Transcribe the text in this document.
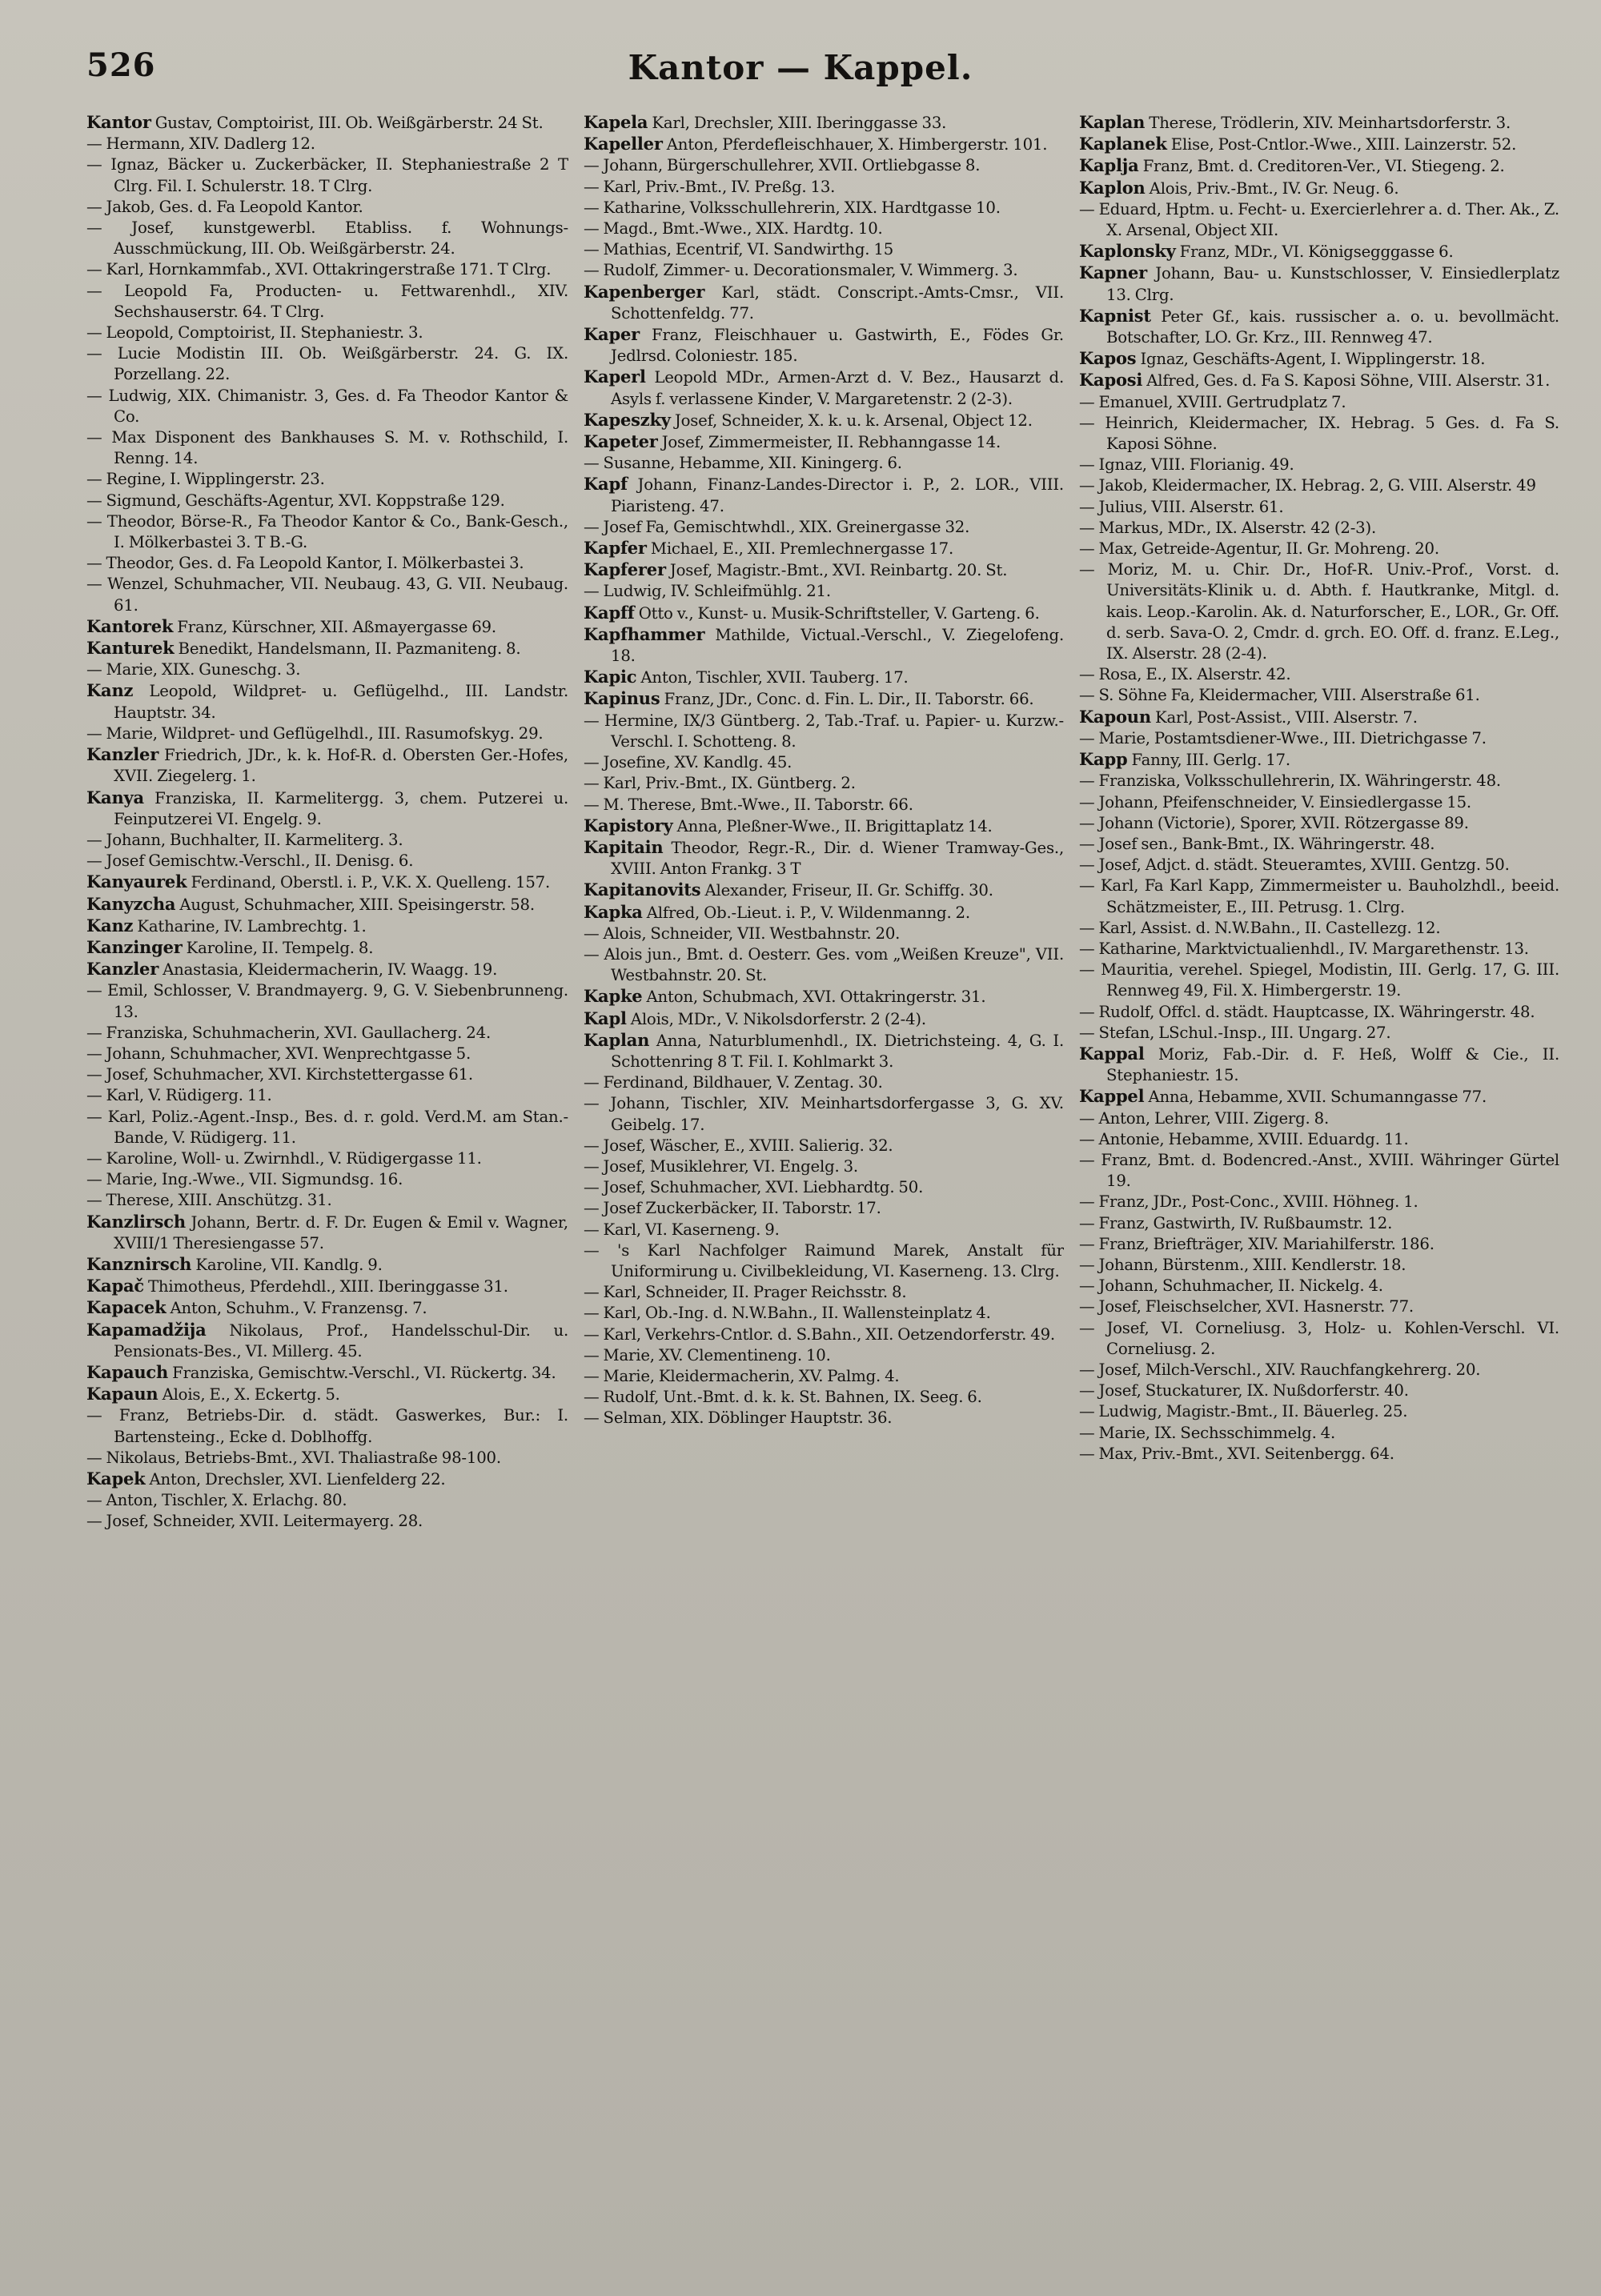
526	Kantor — Kappel.
Kantor Gustav, Comptoirist, III. Ob. Weißgärberstr. 24 St.
— Hermann, XIV. Dadlerg 12.
— Ignaz, Bäcker u. Zuckerbäcker, II. Stephaniestraße 2 T Clrg. Fil. I. Schulerstr. 18. T Clrg.
— Jakob, Ges. d. Fa Leopold Kantor.
— Josef, kunstgewerbl. Etabliss. f. Wohnungs-Ausschmückung, III. Ob. Weißgärberstr. 24.
— Karl, Hornkammfab., XVI. Ottakringerstraße 171. T Clrg.
— Leopold Fa, Producten- u. Fettwarenhdl., XIV. Sechshauserstr. 64. T Clrg.
— Leopold, Comptoirist, II. Stephaniestr. 3.
— Lucie Modistin III. Ob. Weißgärberstr. 24. G. IX. Porzellang. 22.
— Ludwig, XIX. Chimanistr. 3, Ges. d. Fa Theodor Kantor & Co.
— Max Disponent des Bankhauses S. M. v. Rothschild, I. Renng. 14.
— Regine, I. Wipplingerstr. 23.
— Sigmund, Geschäfts-Agentur, XVI. Koppstraße 129.
— Theodor, Börse-R., Fa Theodor Kantor & Co., Bank-Gesch., I. Mölkerbastei 3. T B.-G.
— Theodor, Ges. d. Fa Leopold Kantor, I. Mölkerbastei 3.
— Wenzel, Schuhmacher, VII. Neubaug. 43, G. VII. Neubaug. 61.
Kantorek Franz, Kürschner, XII. Aßmayergasse 69.
Kanturek Benedikt, Handelsmann, II. Pazmaniteng. 8.
— Marie, XIX. Guneschg. 3.
Kanz Leopold, Wildpret- u. Geflügelhd., III. Landstr. Hauptstr. 34.
— Marie, Wildpret- und Geflügelhdl., III. Rasumofskyg. 29.
Kanzler Friedrich, JDr., k. k. Hof-R. d. Obersten Ger.-Hofes, XVII. Ziegelerg. 1.
Kanya Franziska, II. Karmelitergg. 3, chem. Putzerei u. Feinputzerei VI. Engelg. 9.
— Johann, Buchhalter, II. Karmeliterg. 3.
— Josef Gemischtw.-Verschl., II. Denisg. 6.
Kanyaurek Ferdinand, Oberstl. i. P., V.K. X. Quelleng. 157.
Kanyzcha August, Schuhmacher, XIII. Speisingerstr. 58.
Kanz Katharine, IV. Lambrechtg. 1.
Kanzinger Karoline, II. Tempelg. 8.
Kanzler Anastasia, Kleidermacherin, IV. Waagg. 19.
— Emil, Schlosser, V. Brandmayerg. 9, G. V. Siebenbrunneng. 13.
— Franziska, Schuhmacherin, XVI. Gaullacherg. 24.
— Johann, Schuhmacher, XVI. Wenprechtgasse 5.
— Josef, Schuhmacher, XVI. Kirchstettergasse 61.
— Karl, V. Rüdigerg. 11.
— Karl, Poliz.-Agent.-Insp., Bes. d. r. gold. Verd.M. am Stan.-Bande, V. Rüdigerg. 11.
— Karoline, Woll- u. Zwirnhdl., V. Rüdigergasse 11.
— Marie, Ing.-Wwe., VII. Sigmundsg. 16.
— Therese, XIII. Anschützg. 31.
Kanzlirsch Johann, Bertr. d. F. Dr. Eugen & Emil v. Wagner, XVIII/1 Theresiengasse 57.
Kanznirsch Karoline, VII. Kandlg. 9.
Kapač Thimotheus, Pferdehdl., XIII. Iberinggasse 31.
Kapacek Anton, Schuhm., V. Franzensg. 7.
Kapamadžija Nikolaus, Prof., Handelsschul-Dir. u. Pensionats-Bes., VI. Millerg. 45.
Kapauch Franziska, Gemischtw.-Verschl., VI. Rückertg. 34.
Kapaun Alois, E., X. Eckertg. 5.
— Franz, Betriebs-Dir. d. städt. Gaswerkes, Bur.: I. Bartensteing., Ecke d. Doblhoffg.
— Nikolaus, Betriebs-Bmt., XVI. Thaliastraße 98-100.
Kapek Anton, Drechsler, XVI. Lienfelderg 22.
— Anton, Tischler, X. Erlachg. 80.
— Josef, Schneider, XVII. Leitermayerg. 28.
Kapela Karl, Drechsler, XIII. Iberinggasse 33.
Kapeller Anton, Pferdefleischhauer, X. Himbergerstr. 101.
— Johann, Bürgerschullehrer, XVII. Ortliebgasse 8.
— Karl, Priv.-Bmt., IV. Preßg. 13.
— Katharine, Volksschullehrerin, XIX. Hardtgasse 10.
— Magd., Bmt.-Wwe., XIX. Hardtg. 10.
— Mathias, Ecentrif, VI. Sandwirthg. 15
— Rudolf, Zimmer- u. Decorationsmaler, V. Wimmerg. 3.
Kapenberger Karl, städt. Conscript.-Amts-Cmsr., VII. Schottenfeldg. 77.
Kaper Franz, Fleischhauer u. Gastwirth, E., Födes Gr. Jedlrsd. Coloniestr. 185.
Kaperl Leopold MDr., Armen-Arzt d. V. Bez., Hausarzt d. Asyls f. verlassene Kinder, V. Margaretenstr. 2 (2-3).
Kapeszky Josef, Schneider, X. k. u. k. Arsenal, Object 12.
Kapeter Josef, Zimmermeister, II. Rebhanngasse 14.
— Susanne, Hebamme, XII. Kiningerg. 6.
Kapf Johann, Finanz-Landes-Director i. P., 2. LOR., VIII. Piaristeng. 47.
— Josef Fa, Gemischtwhdl., XIX. Greinergasse 32.
Kapfer Michael, E., XII. Premlechnergasse 17.
Kapferer Josef, Magistr.-Bmt., XVI. Reinbartg. 20. St.
— Ludwig, IV. Schleifmühlg. 21.
Kapff Otto v., Kunst- u. Musik-Schriftsteller, V. Garteng. 6.
Kapfhammer Mathilde, Victual.-Verschl., V. Ziegelofeng. 18.
Kapic Anton, Tischler, XVII. Tauberg. 17.
Kapinus Franz, JDr., Conc. d. Fin. L. Dir., II. Taborstr. 66.
— Hermine, IX/3 Güntberg. 2, Tab.-Traf. u. Papier- u. Kurzw.-Verschl. I. Schotteng. 8.
— Josefine, XV. Kandlg. 45.
— Karl, Priv.-Bmt., IX. Güntberg. 2.
— M. Therese, Bmt.-Wwe., II. Taborstr. 66.
Kapistory Anna, Pleßner-Wwe., II. Brigittaplatz 14.
Kapitain Theodor, Regr.-R., Dir. d. Wiener Tramway-Ges., XVIII. Anton Frankg. 3 T
Kapitanovits Alexander, Friseur, II. Gr. Schiffg. 30.
Kapka Alfred, Ob.-Lieut. i. P., V. Wildenmanng. 2.
— Alois, Schneider, VII. Westbahnstr. 20.
— Alois jun., Bmt. d. Oesterr. Ges. vom „Weißen Kreuze", VII. Westbahnstr. 20. St.
Kapke Anton, Schubmach, XVI. Ottakringerstr. 31.
Kapl Alois, MDr., V. Nikolsdorferstr. 2 (2-4).
Kaplan Anna, Naturblumenhdl., IX. Dietrichsteing. 4, G. I. Schottenring 8 T. Fil. I. Kohlmarkt 3.
— Ferdinand, Bildhauer, V. Zentag. 30.
— Johann, Tischler, XIV. Meinhartsdorfergasse 3, G. XV. Geibelg. 17.
— Josef, Wäscher, E., XVIII. Salierig. 32.
— Josef, Musiklehrer, VI. Engelg. 3.
— Josef, Schuhmacher, XVI. Liebhardtg. 50.
— Josef Zuckerbäcker, II. Taborstr. 17.
— Karl, VI. Kaserneng. 9.
— 's Karl Nachfolger Raimund Marek, Anstalt für Uniformirung u. Civilbekleidung, VI. Kaserneng. 13. Clrg.
— Karl, Schneider, II. Prager Reichsstr. 8.
— Karl, Ob.-Ing. d. N.W.Bahn., II. Wallensteinplatz 4.
— Karl, Verkehrs-Cntlor. d. S.Bahn., XII. Oetzendorferstr. 49.
— Marie, XV. Clementineng. 10.
— Marie, Kleidermacherin, XV. Palmg. 4.
— Rudolf, Unt.-Bmt. d. k. k. St. Bahnen, IX. Seeg. 6.
— Selman, XIX. Döblinger Hauptstr. 36.
Kaplan Therese, Trödlerin, XIV. Meinhartsdorferstr. 3.
Kaplanek Elise, Post-Cntlor.-Wwe., XIII. Lainzerstr. 52.
Kaplja Franz, Bmt. d. Creditoren-Ver., VI. Stiegeng. 2.
Kaplon Alois, Priv.-Bmt., IV. Gr. Neug. 6.
— Eduard, Hptm. u. Fecht- u. Exercierlehrer a. d. Ther. Ak., Z. X. Arsenal, Object XII.
Kaplonsky Franz, MDr., VI. Königsegggasse 6.
Kapner Johann, Bau- u. Kunstschlosser, V. Einsiedlerplatz 13. Clrg.
Kapnist Peter Gf., kais. russischer a. o. u. bevollmächt. Botschafter, LO. Gr. Krz., III. Rennweg 47.
Kapos Ignaz, Geschäfts-Agent, I. Wipplingerstr. 18.
Kaposi Alfred, Ges. d. Fa S. Kaposi Söhne, VIII. Alserstr. 31.
— Emanuel, XVIII. Gertrudplatz 7.
— Heinrich, Kleidermacher, IX. Hebrag. 5 Ges. d. Fa S. Kaposi Söhne.
— Ignaz, VIII. Florianig. 49.
— Jakob, Kleidermacher, IX. Hebrag. 2, G. VIII. Alserstr. 49
— Julius, VIII. Alserstr. 61.
— Markus, MDr., IX. Alserstr. 42 (2-3).
— Max, Getreide-Agentur, II. Gr. Mohreng. 20.
— Moriz, M. u. Chir. Dr., Hof-R. Univ.-Prof., Vorst. d. Universitäts-Klinik u. d. Abth. f. Hautkranke, Mitgl. d. kais. Leop.-Karolin. Ak. d. Naturforscher, E., LOR., Gr. Off. d. serb. Sava-O. 2, Cmdr. d. grch. EO. Off. d. franz. E.Leg., IX. Alserstr. 28 (2-4).
— Rosa, E., IX. Alserstr. 42.
— S. Söhne Fa, Kleidermacher, VIII. Alserstraße 61.
Kapoun Karl, Post-Assist., VIII. Alserstr. 7.
— Marie, Postamtsdiener-Wwe., III. Dietrichgasse 7.
Kapp Fanny, III. Gerlg. 17.
— Franziska, Volksschullehrerin, IX. Währingerstr. 48.
— Johann, Pfeifenschneider, V. Einsiedlergasse 15.
— Johann (Victorie), Sporer, XVII. Rötzergasse 89.
— Josef sen., Bank-Bmt., IX. Währingerstr. 48.
— Josef, Adjct. d. städt. Steueramtes, XVIII. Gentzg. 50.
— Karl, Fa Karl Kapp, Zimmermeister u. Bauholzhdl., beeid. Schätzmeister, E., III. Petrusg. 1. Clrg.
— Karl, Assist. d. N.W.Bahn., II. Castellezg. 12.
— Katharine, Marktvictualienhdl., IV. Margarethenstr. 13.
— Mauritia, verehel. Spiegel, Modistin, III. Gerlg. 17, G. III. Rennweg 49, Fil. X. Himbergerstr. 19.
— Rudolf, Offcl. d. städt. Hauptcasse, IX. Währingerstr. 48.
— Stefan, LSchul.-Insp., III. Ungarg. 27.
Kappal Moriz, Fab.-Dir. d. F. Heß, Wolff & Cie., II. Stephaniestr. 15.
Kappel Anna, Hebamme, XVII. Schumanngasse 77.
— Anton, Lehrer, VIII. Zigerg. 8.
— Antonie, Hebamme, XVIII. Eduardg. 11.
— Franz, Bmt. d. Bodencred.-Anst., XVIII. Währinger Gürtel 19.
— Franz, JDr., Post-Conc., XVIII. Höhneg. 1.
— Franz, Gastwirth, IV. Rußbaumstr. 12.
— Franz, Briefträger, XIV. Mariahilferstr. 186.
— Johann, Bürstenm., XIII. Kendlerstr. 18.
— Johann, Schuhmacher, II. Nickelg. 4.
— Josef, Fleischselcher, XVI. Hasnerstr. 77.
— Josef, VI. Corneliusg. 3, Holz- u. Kohlen-Verschl. VI. Corneliusg. 2.
— Josef, Milch-Verschl., XIV. Rauchfangkehrerg. 20.
— Josef, Stuckaturer, IX. Nußdorferstr. 40.
— Ludwig, Magistr.-Bmt., II. Bäuerleg. 25.
— Marie, IX. Sechsschimmelg. 4.
— Max, Priv.-Bmt., XVI. Seitenbergg. 64.
